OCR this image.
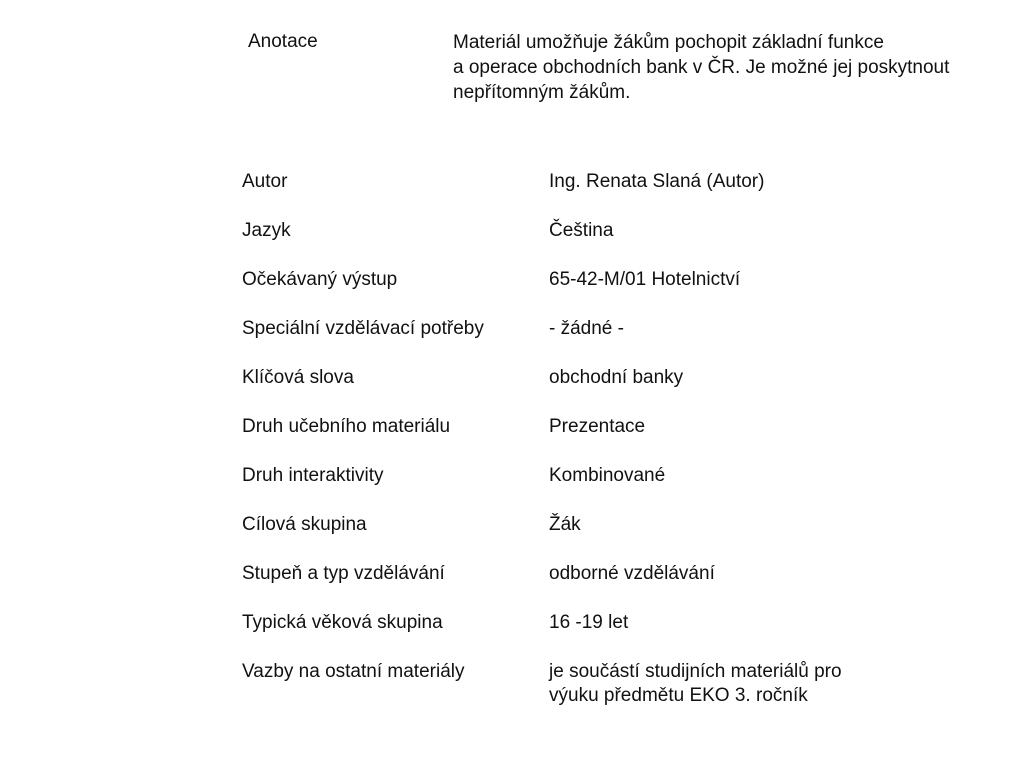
Anotace	Materiál umožňuje žákům pochopit základní funkce
a operace obchodních bank v ČR. Je možné jej poskytnout
nepřítomným žákům.
Autor	Ing. Renata Slaná (Autor)
Jazyk	Čeština
Očekávaný výstup	65-42-M/01 Hotelnictví
Speciální vzdělávací potřeby	- žádné -
Klíčová slova	obchodní banky
Druh učebního materiálu	Prezentace
Druh interaktivity	Kombinované
Cílová skupina	Žák
Stupeň a typ vzdělávání	odborné vzdělávání
Typická věková skupina	16 -19 let
Vazby na ostatní materiály	je součástí studijních materiálů pro
výuku předmětu EKO 3. ročník
